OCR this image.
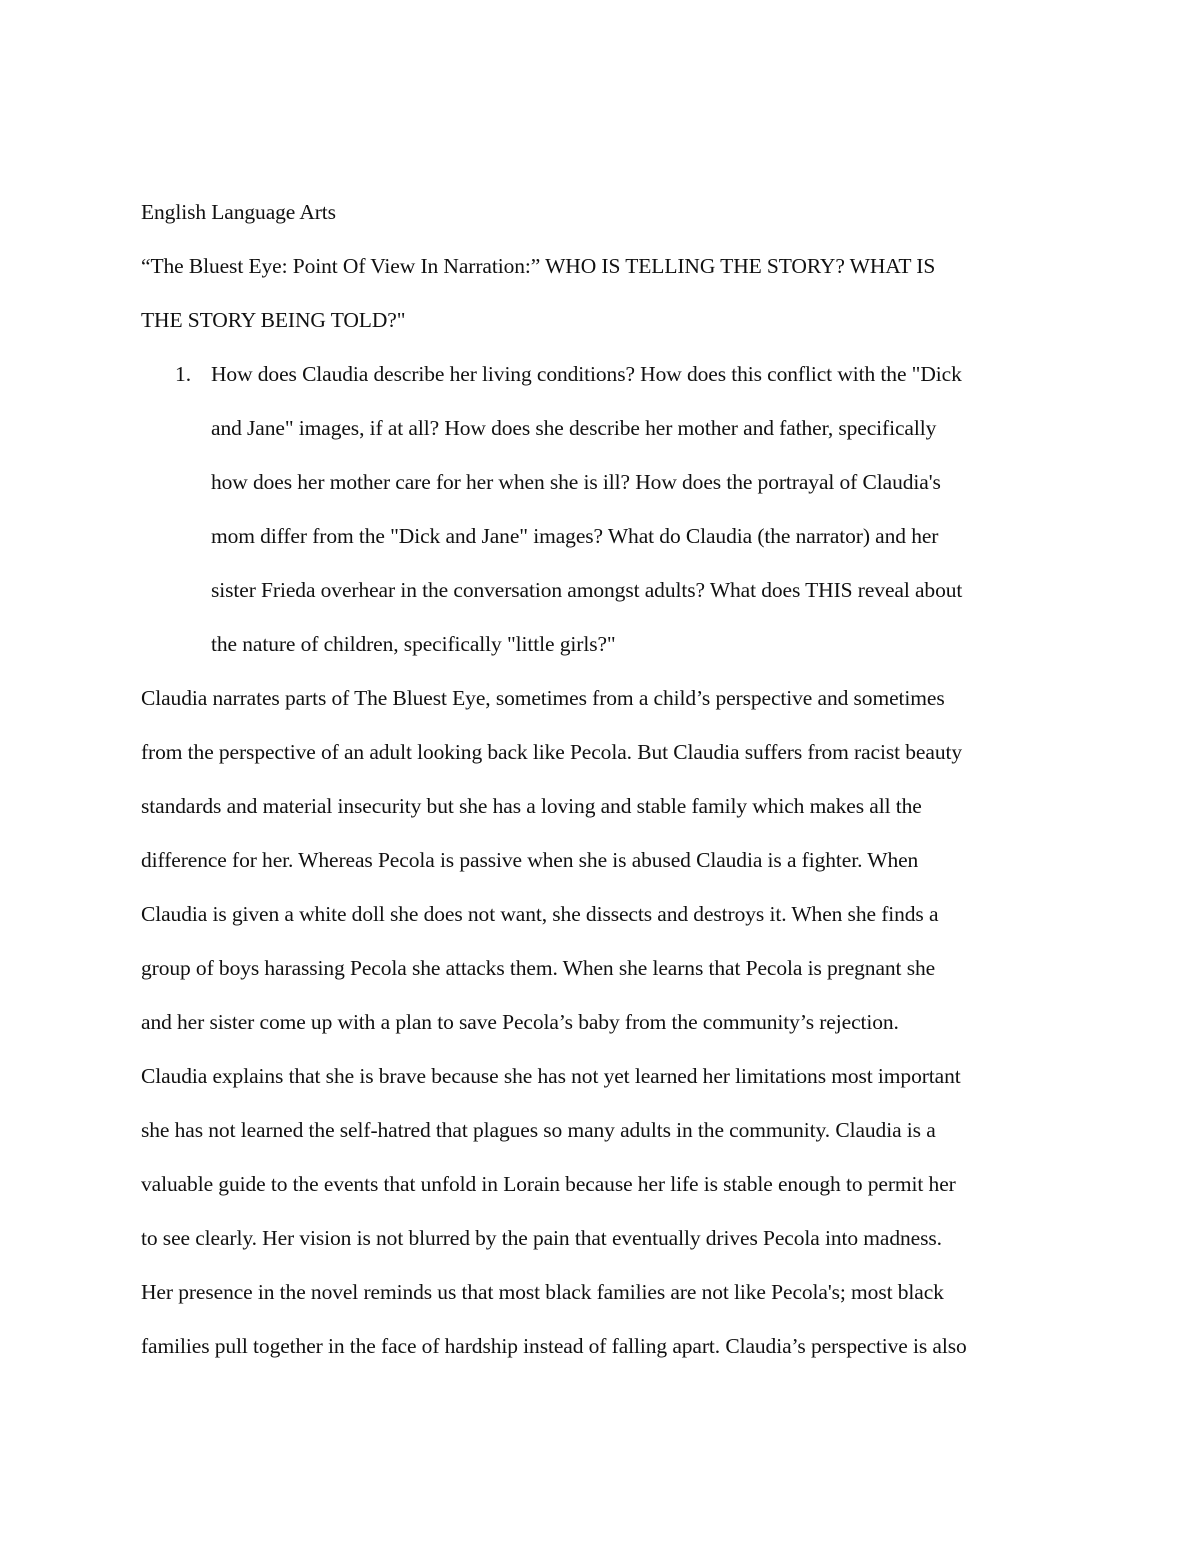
English Language Arts
“The Bluest Eye: Point Of View In Narration:” WHO IS TELLING THE STORY? WHAT IS
THE STORY BEING TOLD?"
1. How does Claudia describe her living conditions? How does this conflict with the "Dick
and Jane" images, if at all? How does she describe her mother and father, specifically
how does her mother care for her when she is ill? How does the portrayal of Claudia's
mom differ from the "Dick and Jane" images? What do Claudia (the narrator) and her
sister Frieda overhear in the conversation amongst adults? What does THIS reveal about
the nature of children, specifically "little girls?"
Claudia narrates parts of The Bluest Eye, sometimes from a child’s perspective and sometimes
from the perspective of an adult looking back like Pecola. But Claudia suffers from racist beauty
standards and material insecurity but she has a loving and stable family which makes all the
difference for her. Whereas Pecola is passive when she is abused Claudia is a fighter. When
Claudia is given a white doll she does not want, she dissects and destroys it. When she finds a
group of boys harassing Pecola she attacks them. When she learns that Pecola is pregnant she
and her sister come up with a plan to save Pecola’s baby from the community’s rejection.
Claudia explains that she is brave because she has not yet learned her limitations most important
she has not learned the self-hatred that plagues so many adults in the community. Claudia is a
valuable guide to the events that unfold in Lorain because her life is stable enough to permit her
to see clearly. Her vision is not blurred by the pain that eventually drives Pecola into madness.
Her presence in the novel reminds us that most black families are not like Pecola's; most black
families pull together in the face of hardship instead of falling apart. Claudia’s perspective is also
